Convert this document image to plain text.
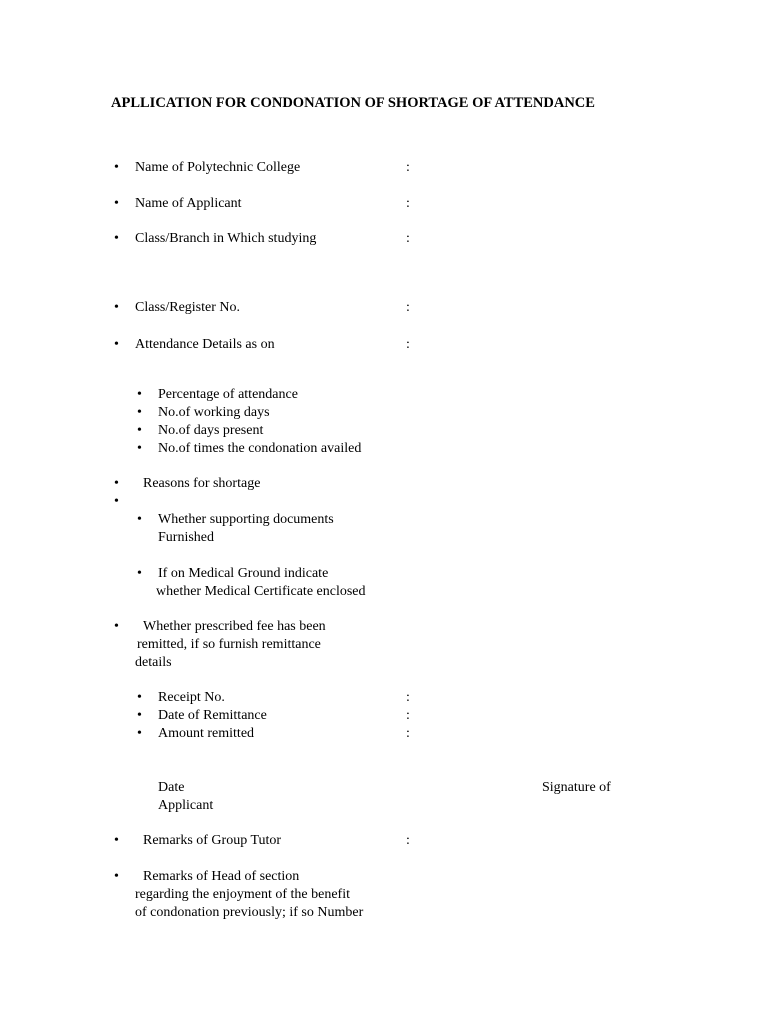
APLLICATION FOR CONDONATION OF SHORTAGE OF ATTENDANCE
• Name of Polytechnic College	:
• Name of Applicant	:
• Class/Branch in Which studying	:
• Class/Register No.	:
• Attendance Details as on	:
• Percentage of attendance
• No.of working days
• No.of days present
• No.of times the condonation availed
• Reasons for shortage
•
• Whether supporting documents
Furnished
• If on Medical Ground indicate
whether Medical Certificate enclosed
• Whether prescribed fee has been
remitted, if so furnish remittance
details
• Receipt No.	:
• Date of Remittance	:
• Amount remitted	:
Date	Signature of
Applicant
• Remarks of Group Tutor	:
• Remarks of Head of section
regarding the enjoyment of the benefit
of condonation previously; if so Number
